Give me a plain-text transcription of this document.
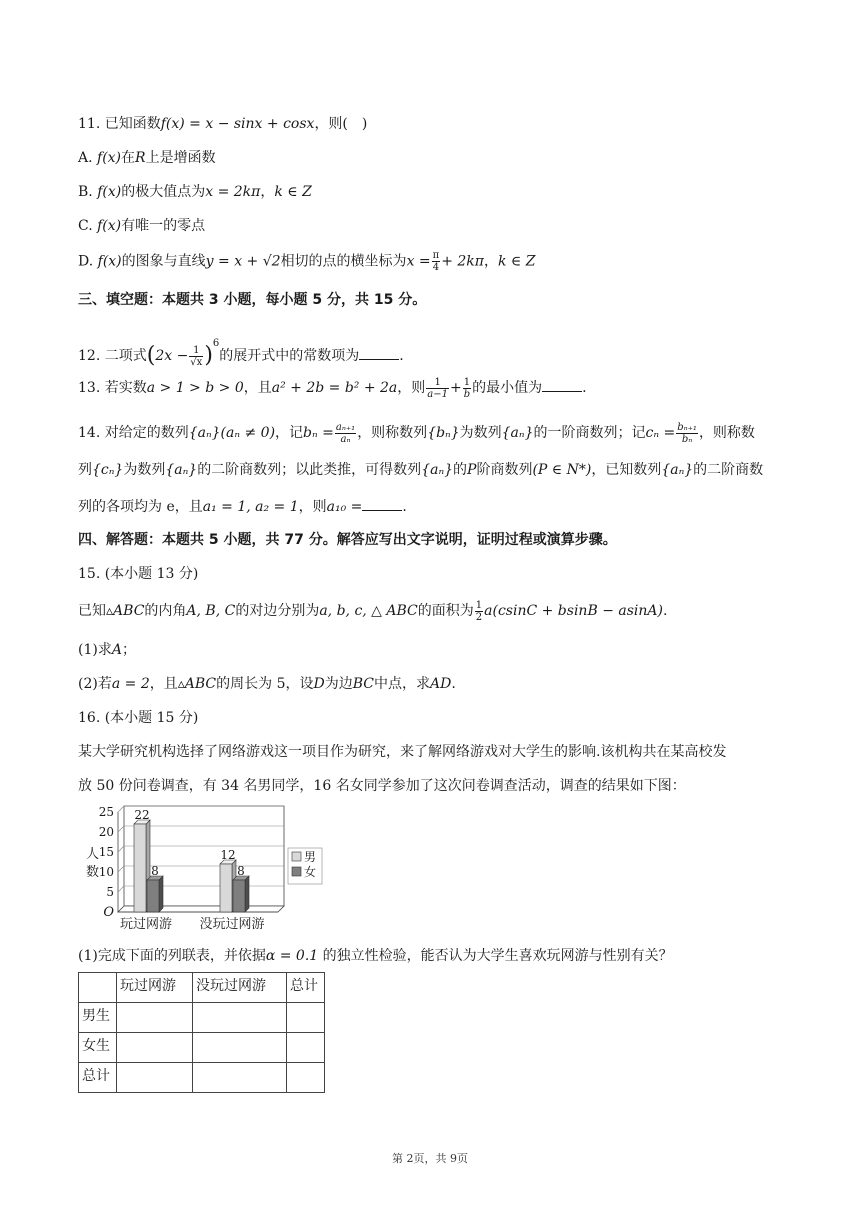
11. 已知函数f(x) = x − sinx + cosx，则(　)
A. f(x)在R上是增函数
B. f(x)的极大值点为x = 2kπ，k ∈ Z
C. f(x)有唯一的零点
D. f(x)的图象与直线y = x + √2相切的点的横坐标为$x = \frac{\pi}{4} + 2k\pi$，k ∈ Z
三、填空题：本题共 3 小题，每小题 5 分，共 15 分。
12. 二项式$(2x - \frac{1}{√x} )^6$的展开式中的常数项为	.
13. 若实数a > 1 > b > 0，且a² + 2b = b² + 2a，则 $\frac{1}{a-1} + \frac{1}{b}$ 的最小值为	.
14. 对给定的数列{aₙ}(aₙ ≠ 0)，记$b_n = \frac{\text{aₙ₊₁}}{\text{aₙ}}$ ，则称数列{bₙ}为数列{aₙ}的一阶商数列；记$c_n = \frac{\text{bₙ₊₁}}{\text{bₙ}}$ ，则称数
列{cₙ}为数列{aₙ}的二阶商数列；以此类推，可得数列{aₙ}的P阶商数列(P ∈ N*)，已知数列{aₙ}的二阶商数
列的各项均为 e，且a₁ = 1, a₂ = 1，则a₁₀ =	.
四、解答题：本题共 5 小题，共 77 分。解答应写出文字说明，证明过程或演算步骤。
15. (本小题 13 分)
已知▵ABC的内角A, B, C的对边分别为a, b, c, △ ABC的面积为 $\frac{1}{2} a(csinC + bsinB - asinA)$.
(1)求A；
(2)若a = 2，且▵ABC的周长为 5，设D为边BC中点，求AD.
16. (本小题 15 分)
某大学研究机构选择了网络游戏这一项目作为研究，来了解网络游戏对大学生的影响.该机构共在某高校发
放 50 份问卷调查，有 34 名男同学，16 名女同学参加了这次问卷调查活动，调查的结果如下图：
25
20
15
10
5
O
人
数
22
8
玩过网游
12
8
没玩过网游
男
女
(1)完成下面的列联表，并依据α = 0.1 的独立性检验，能否认为大学生喜欢玩网游与性别有关？
	玩过网游	没玩过网游	总计
男生			
女生			
总计			
第 2页，共 9页
